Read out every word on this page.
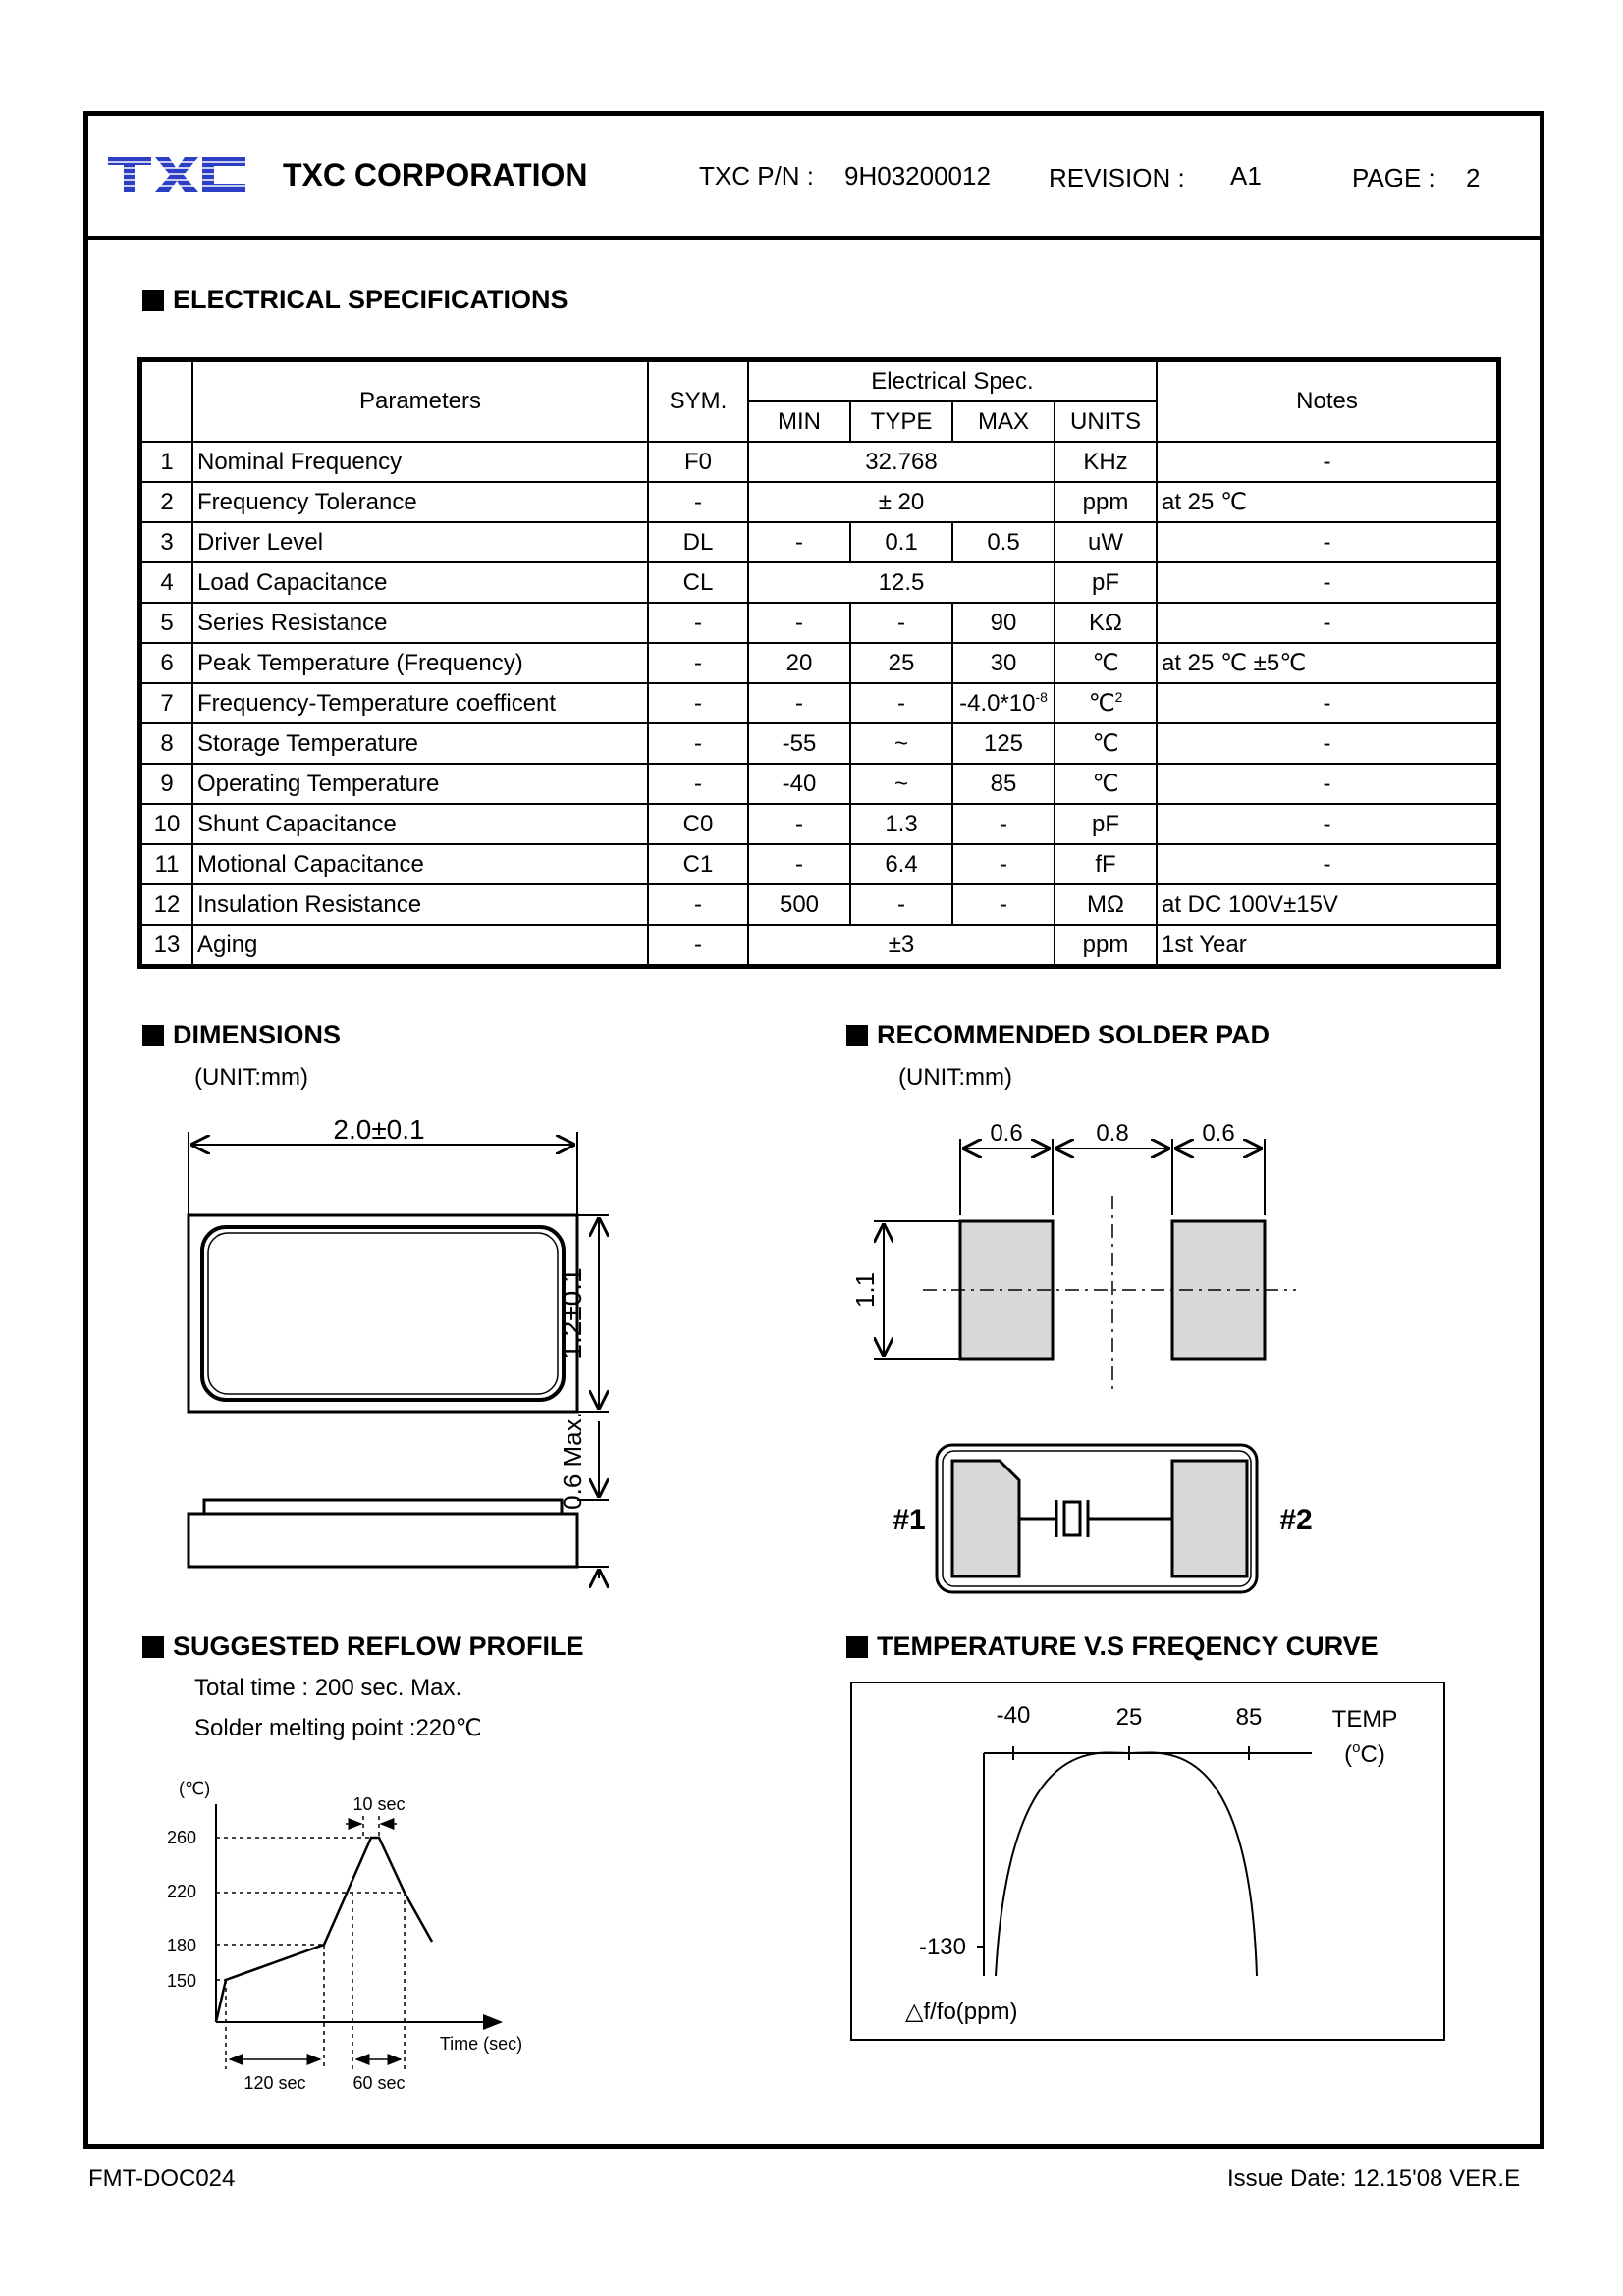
TXC CORPORATION	TXC P/N : 9H03200012 REVISION : A1	PAGE : 2
ELECTRICAL SPECIFICATIONS
	Parameters	SYM.	Electrical Spec.				Notes
			MIN	TYPE	MAX	UNITS	
1	Nominal Frequency	F0	32.768			KHz	-
2	Frequency Tolerance	-	± 20			ppm	at 25 ℃
3	Driver Level	DL	-	0.1	0.5	uW	-
4	Load Capacitance	CL	12.5			pF	-
5	Series Resistance	-	-	-	90	KΩ	-
6	Peak Temperature (Frequency)	-	20	25	30	℃	at 25 ℃ ±5℃
7	Frequency-Temperature coefficent	-	-	-	$-4.0*10^{-8}$	℃$^2$	-
8	Storage Temperature	-	-55	~	125	℃	-
9	Operating Temperature	-	-40	~	85	℃	-
10	Shunt Capacitance	C0	-	1.3	-	pF	-
11	Motional Capacitance	C1	-	6.4	-	fF	-
12	Insulation Resistance	-	500	-	-	MΩ	at DC 100V±15V
13	Aging	-	±3			ppm	1st Year
DIMENSIONS
(UNIT:mm)
2.0±0.1
1.2±0.1
0.6 Max.
RECOMMENDED SOLDER PAD
(UNIT:mm)
0.6	0.8	0.6
1.1
#1	#2
SUGGESTED REFLOW PROFILE
Total time : 200 sec. Max.
Solder melting point :220℃
(℃)
260
220
180
150
10 sec
Time (sec)
120 sec	60 sec
TEMPERATURE V.S FREQENCY CURVE
-40	25	85	TEMP
($^o$C)
-130
△f/fo(ppm)
FMT-DOC024	Issue Date: 12.15'08 VER.E
